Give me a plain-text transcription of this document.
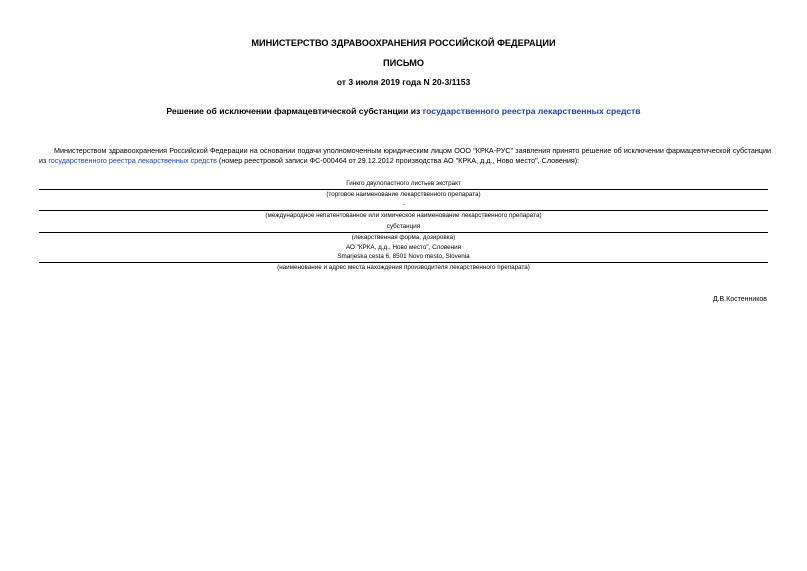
МИНИСТЕРСТВО ЗДРАВООХРАНЕНИЯ РОССИЙСКОЙ ФЕДЕРАЦИИ
ПИСЬМО
от 3 июля 2019 года N 20-3/1153
Решение об исключении фармацевтической субстанции из государственного реестра лекарственных средств
Министерством здравоохранения Российской Федерации на основании подачи уполномоченным юридическим лицом ООО "КРКА-РУС" заявления принято решение об исключении фармацевтической субстанции из государственного реестра лекарственных средств (номер реестровой записи ФС-000464 от 29.12.2012 производства АО "КРКА, д.д., Ново место", Словения):
Гинкго двулопастного листьев экстракт
(торговое наименование лекарственного препарата)
-
(международное непатентованное или химическое наименование лекарственного препарата)
субстанция
(лекарственная форма, дозировка)
АО "КРКА, д.д., Ново место", Словения
Smarjeska cesta 6, 8501 Novo mesto, Slovenia
(наименование и адрес места нахождения производителя лекарственного препарата)
Д.В.Костенников
